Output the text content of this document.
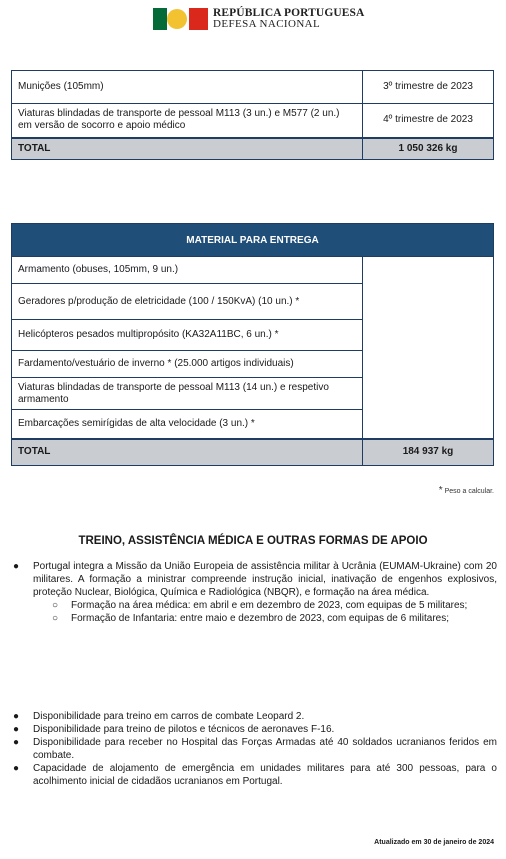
REPÚBLICA PORTUGUESA
DEFESA NACIONAL
Munições (105mm)	3º trimestre de 2023
Viaturas blindadas de transporte de pessoal M113 (3 un.) e M577 (2 un.) em versão de socorro e apoio médico	4º trimestre de 2023
TOTAL	1 050 326 kg
MATERIAL PARA ENTREGA	
Armamento (obuses, 105mm, 9 un.)	
Geradores p/produção de eletricidade (100 / 150KvA) (10 un.) *	
Helicópteros pesados multipropósito (KA32A11BC, 6 un.) *	
Fardamento/vestuário de inverno * (25.000 artigos individuais)	
Viaturas blindadas de transporte de pessoal M113 (14 un.) e respetivo armamento	
Embarcações semirígidas de alta velocidade (3 un.) *	
TOTAL	184 937 kg
* Peso a calcular.
TREINO, ASSISTÊNCIA MÉDICA E OUTRAS FORMAS DE APOIO
● Portugal integra a Missão da União Europeia de assistência militar à Ucrânia (EUMAM-Ukraine) com 20 militares. A formação a ministrar compreende instrução inicial, inativação de engenhos explosivos, proteção Nuclear, Biológica, Química e Radiológica (NBQR), e formação na área médica.
○ Formação na área médica: em abril e em dezembro de 2023, com equipas de 5 militares;
○ Formação de Infantaria: entre maio e dezembro de 2023, com equipas de 6 militares;
● Disponibilidade para treino em carros de combate Leopard 2.
● Disponibilidade para treino de pilotos e técnicos de aeronaves F-16.
● Disponibilidade para receber no Hospital das Forças Armadas até 40 soldados ucranianos feridos em combate.
● Capacidade de alojamento de emergência em unidades militares para até 300 pessoas, para o acolhimento inicial de cidadãos ucranianos em Portugal.
Atualizado em 30 de janeiro de 2024
